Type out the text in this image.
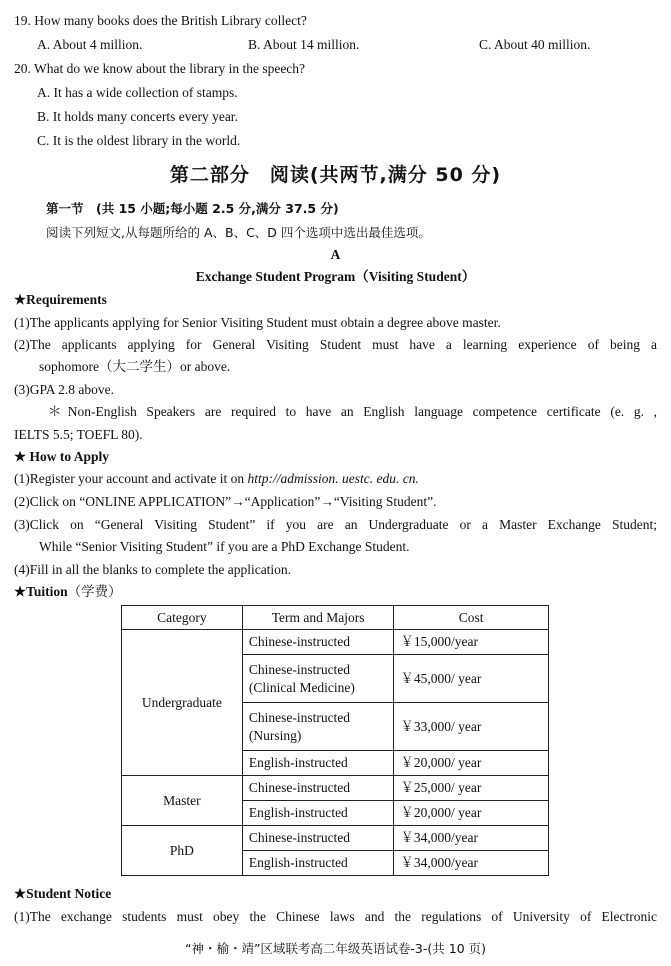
19. How many books does the British Library collect?
A. About 4 million.	B. About 14 million.	C. About 40 million.
20. What do we know about the library in the speech?
A. It has a wide collection of stamps.
B. It holds many concerts every year.
C. It is the oldest library in the world.
第二部分　阅读(共两节,满分 50 分)
第一节　(共 15 小题;每小题 2.5 分,满分 37.5 分)
阅读下列短文,从每题所给的 A、B、C、D 四个选项中选出最佳选项。
A
Exchange Student Program（Visiting Student）
★Requirements
(1)The applicants applying for Senior Visiting Student must obtain a degree above master.
(2)The applicants applying for General Visiting Student must have a learning experience of being a
sophomore（大二学生）or above.
(3)GPA 2.8 above.
＊Non-English Speakers are required to have an English language competence certificate (e. g. ,
IELTS 5.5; TOEFL 80).
★ How to Apply
(1)Register your account and activate it on http://admission. uestc. edu. cn.
(2)Click on “ONLINE APPLICATION”→“Application”→“Visiting Student”.
(3)Click on “General Visiting Student” if you are an Undergraduate or a Master Exchange Student;
While “Senior Visiting Student” if you are a PhD Exchange Student.
(4)Fill in all the blanks to complete the application.
★Tuition（学费）
Category	Term and Majors	Cost
Undergraduate	Chinese-instructed	￥15,000/year

	Chinese-instructed
(Clinical Medicine)	￥45,000/ year

	Chinese-instructed
(Nursing)	￥33,000/ year
	English-instructed	￥20,000/ year
Master	Chinese-instructed	￥25,000/ year
	English-instructed	￥20,000/ year
PhD	Chinese-instructed	￥34,000/year
	English-instructed	￥34,000/year
★Student Notice
(1)The exchange students must obey the Chinese laws and the regulations of University of Electronic
“神・榆・靖”区域联考高二年级英语试卷-3-(共 10 页)
